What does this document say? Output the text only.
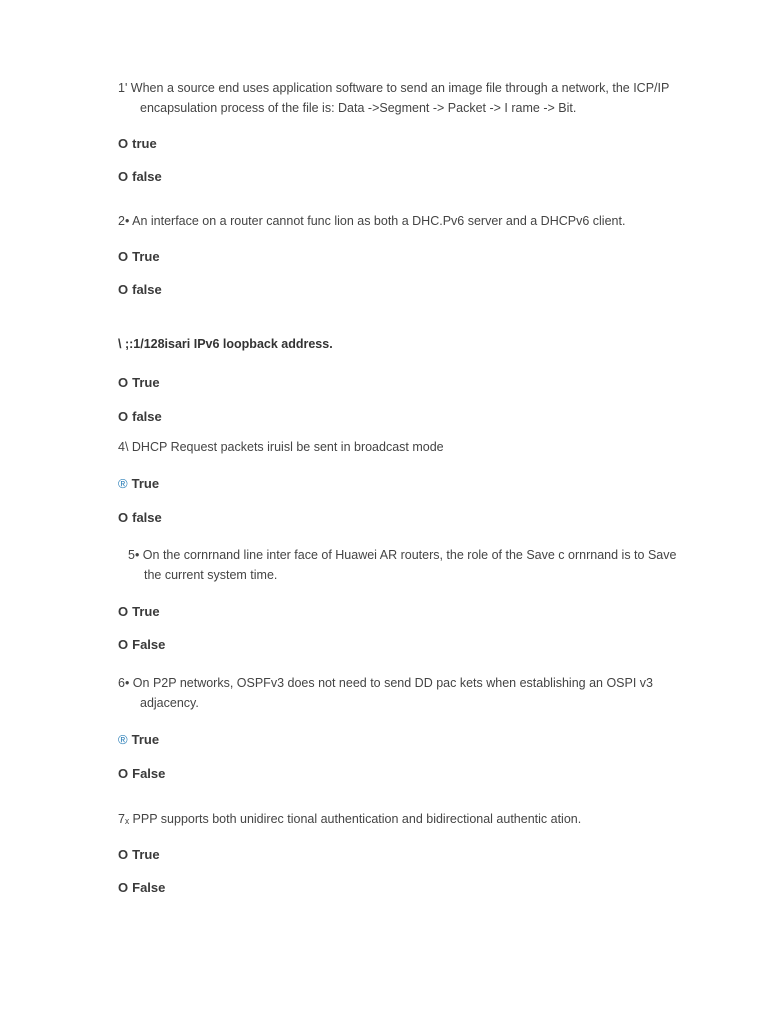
1' When a source end uses application software to send an image file through a network, the ICP/IP
encapsulation process of the file is: Data ->Segment -> Packet -> I rame -> Bit.
O true
O false
2• An interface on a router cannot func lion as both a DHC.Pv6 server and a DHCPv6 client.
O True
O false
\ ;:1/128isari IPv6 loopback address.
O True
O false
4\ DHCP Request packets iruisl be sent in broadcast mode
® True
O false
5• On the cornrnand line inter face of Huawei AR routers, the role of the Save c ornrnand is to Save
the current system time.
O True
O False
6• On P2P networks, OSPFv3 does not need to send DD pac kets when establishing an OSPI v3
adjacency.
® True
O False
7ₓ PPP supports both unidirec tional authentication and bidirectional authentic ation.
O True
O False
